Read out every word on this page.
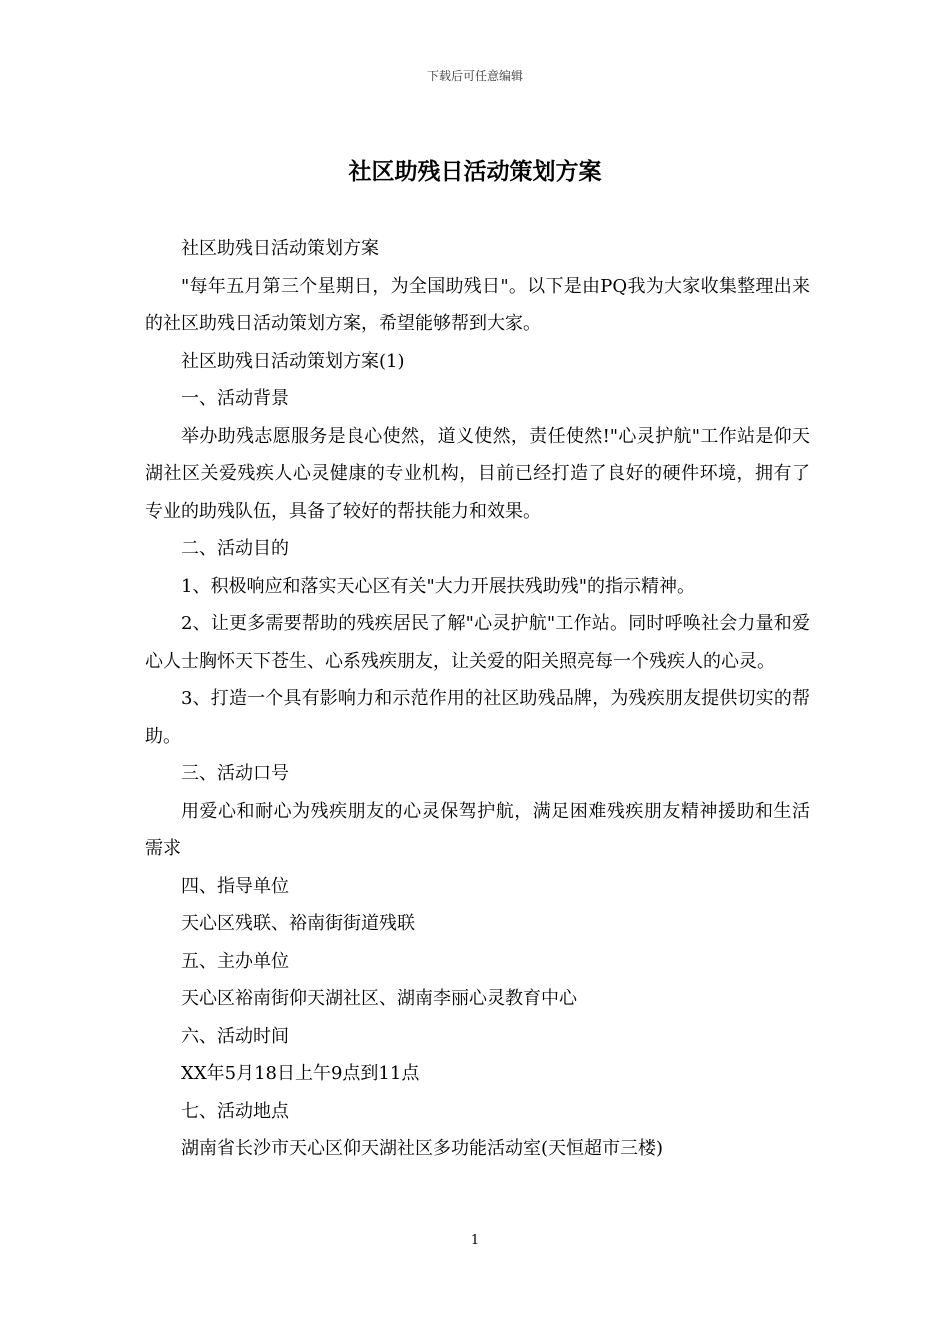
下载后可任意编辑
社区助残日活动策划方案

社区助残日活动策划方案

"每年五月第三个星期日，为全国助残日"。以下是由PQ我为大家收集整理出来的社区助残日活动策划方案，希望能够帮到大家。

社区助残日活动策划方案(1)

一、活动背景

举办助残志愿服务是良心使然，道义使然，责任使然!"心灵护航"工作站是仰天湖社区关爱残疾人心灵健康的专业机构，目前已经打造了良好的硬件环境，拥有了专业的助残队伍，具备了较好的帮扶能力和效果。

二、活动目的

1、积极响应和落实天心区有关"大力开展扶残助残"的指示精神。

2、让更多需要帮助的残疾居民了解"心灵护航"工作站。同时呼唤社会力量和爱心人士胸怀天下苍生、心系残疾朋友，让关爱的阳关照亮每一个残疾人的心灵。

3、打造一个具有影响力和示范作用的社区助残品牌，为残疾朋友提供切实的帮助。

三、活动口号

用爱心和耐心为残疾朋友的心灵保驾护航，满足困难残疾朋友精神援助和生活需求

四、指导单位

天心区残联、裕南街街道残联

五、主办单位

天心区裕南街仰天湖社区、湖南李丽心灵教育中心

六、活动时间

XX年5月18日上午9点到11点

七、活动地点

湖南省长沙市天心区仰天湖社区多功能活动室(天恒超市三楼)

1
